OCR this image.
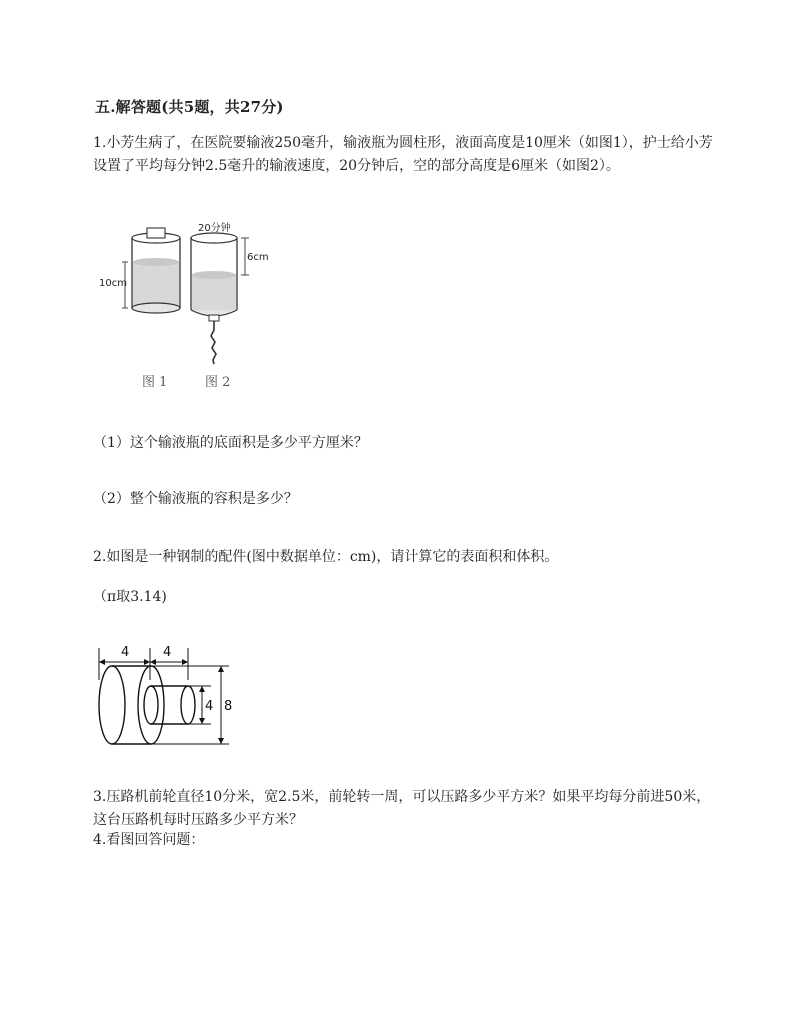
五.解答题(共5题，共27分)
1.小芳生病了，在医院要输液250毫升，输液瓶为圆柱形，液面高度是10厘米（如图1），护士给小芳设置了平均每分钟2.5毫升的输液速度，20分钟后，空的部分高度是6厘米（如图2）。
10cm
20分钟
6cm
图 1	图 2
（1）这个输液瓶的底面积是多少平方厘米？
（2）整个输液瓶的容积是多少？
2.如图是一种钢制的配件(图中数据单位：cm)，请计算它的表面积和体积。
（π取3.14)
4	4
4 8
3.压路机前轮直径10分米，宽2.5米，前轮转一周，可以压路多少平方米？如果平均每分前进50米，这台压路机每时压路多少平方米？
4.看图回答问题：
